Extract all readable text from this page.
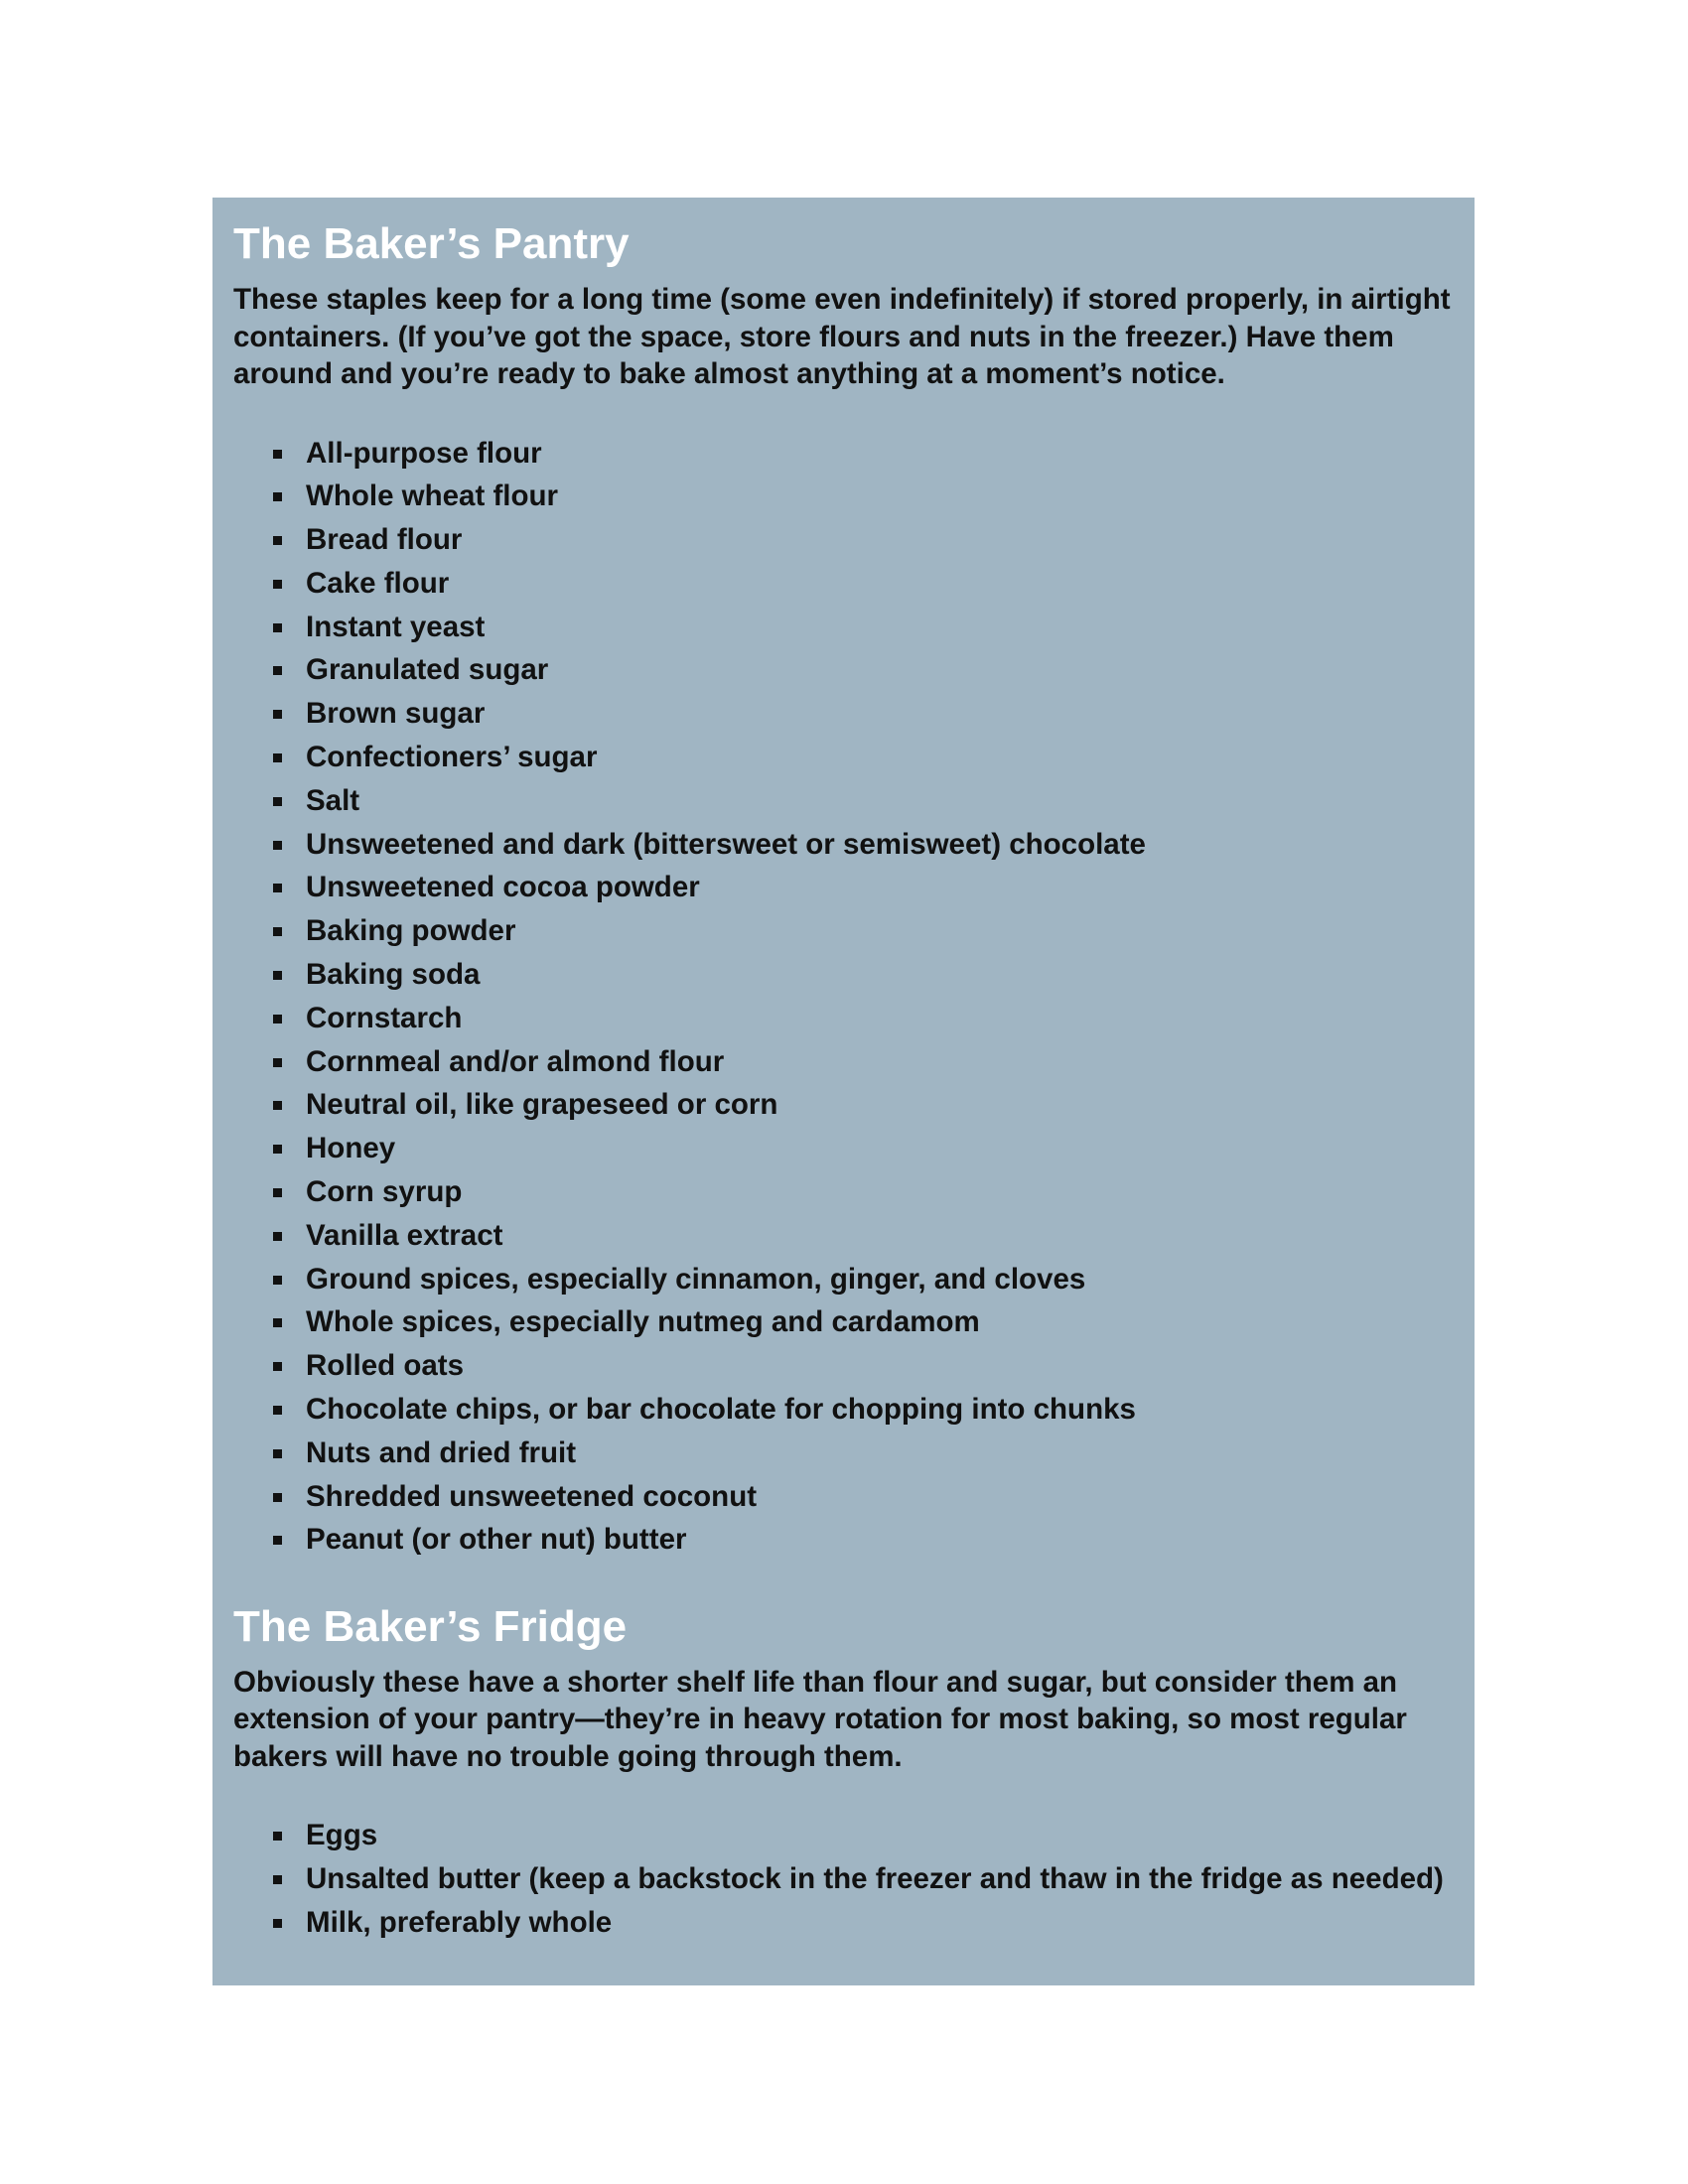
The Baker’s Pantry

These staples keep for a long time (some even indefinitely) if stored properly, in airtight containers. (If you’ve got the space, store flours and nuts in the freezer.) Have them around and you’re ready to bake almost anything at a moment’s notice.

All-purpose flour
Whole wheat flour
Bread flour
Cake flour
Instant yeast
Granulated sugar
Brown sugar
Confectioners’ sugar
Salt
Unsweetened and dark (bittersweet or semisweet) chocolate
Unsweetened cocoa powder
Baking powder
Baking soda
Cornstarch
Cornmeal and/or almond flour
Neutral oil, like grapeseed or corn
Honey
Corn syrup
Vanilla extract
Ground spices, especially cinnamon, ginger, and cloves
Whole spices, especially nutmeg and cardamom
Rolled oats
Chocolate chips, or bar chocolate for chopping into chunks
Nuts and dried fruit
Shredded unsweetened coconut
Peanut (or other nut) butter
The Baker’s Fridge

Obviously these have a shorter shelf life than flour and sugar, but consider them an extension of your pantry—they’re in heavy rotation for most baking, so most regular bakers will have no trouble going through them.

Eggs
Unsalted butter (keep a backstock in the freezer and thaw in the fridge as needed)
Milk, preferably whole
